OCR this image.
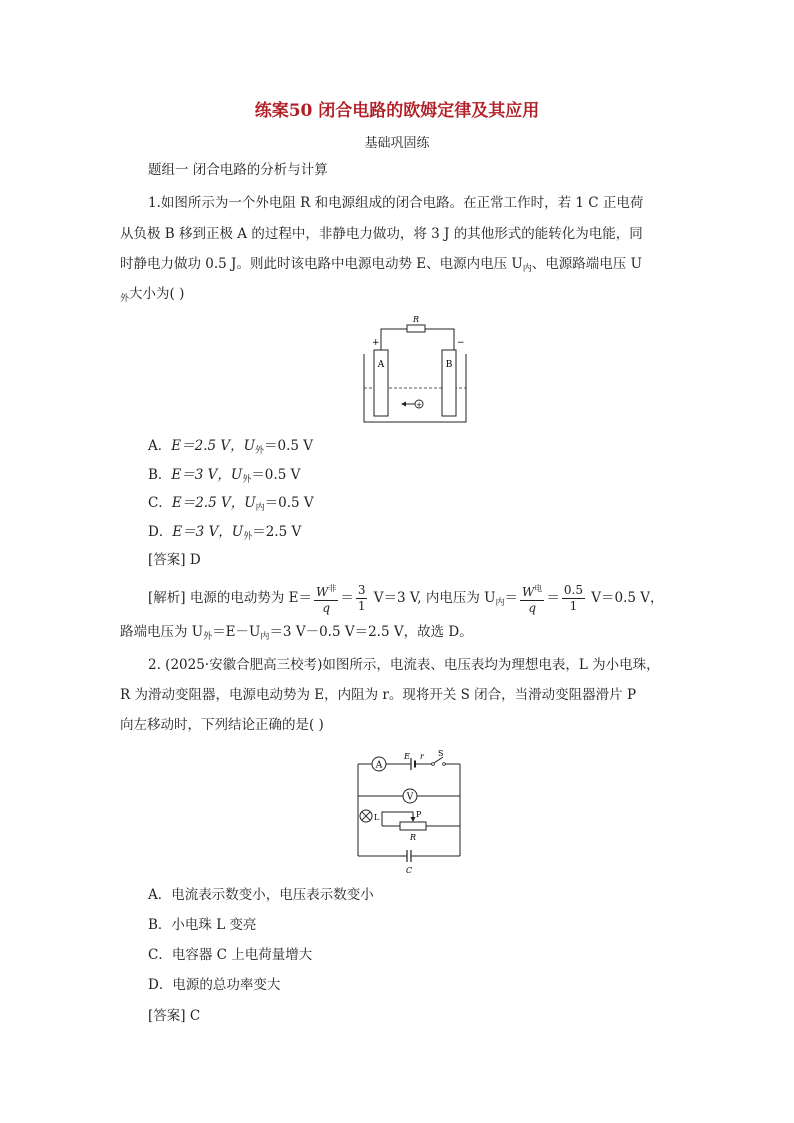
练案50 闭合电路的欧姆定律及其应用
基础巩固练
题组一 闭合电路的分析与计算
1.如图所示为一个外电阻 R 和电源组成的闭合电路。在正常工作时，若 1 C 正电荷
从负极 B 移到正极 A 的过程中，非静电力做功，将 3 J 的其他形式的能转化为电能，同
时静电力做功 0.5 J。则此时该电路中电源电动势 E、电源内电压 $U_内$、电源路端电压 U
$_外$大小为( )
R
+	−
A	B
+
A．E＝2.5 V，$U_外=0.5$ V
B．E＝3 V，$U_外=0.5$ V
C．E＝2.5 V，$U_内=0.5$ V
D．E＝3 V，$U_外=2.5$ V
[答案] D
[解析] 电源的电动势为 $E= \frac{W^非}{q} = \frac{3}{1} V=3$ V, 内电压为 $U_内= \frac{W^电}{q} = \frac{0.5}{1} V=0.5$ V，
路端电压为 $U_外=E-U_内=3$ V－0.5 V＝2.5 V，故选 D。
2. (2025·安徽合肥高三校考)如图所示，电流表、电压表均为理想电表，L 为小电珠，
R 为滑动变阻器，电源电动势为 E，内阻为 r。现将开关 S 闭合，当滑动变阻器滑片 P
向左移动时，下列结论正确的是( )
A
E r S
V
L	P
R
C
A．电流表示数变小，电压表示数变小
B．小电珠 L 变亮
C．电容器 C 上电荷量增大
D．电源的总功率变大
[答案] C
